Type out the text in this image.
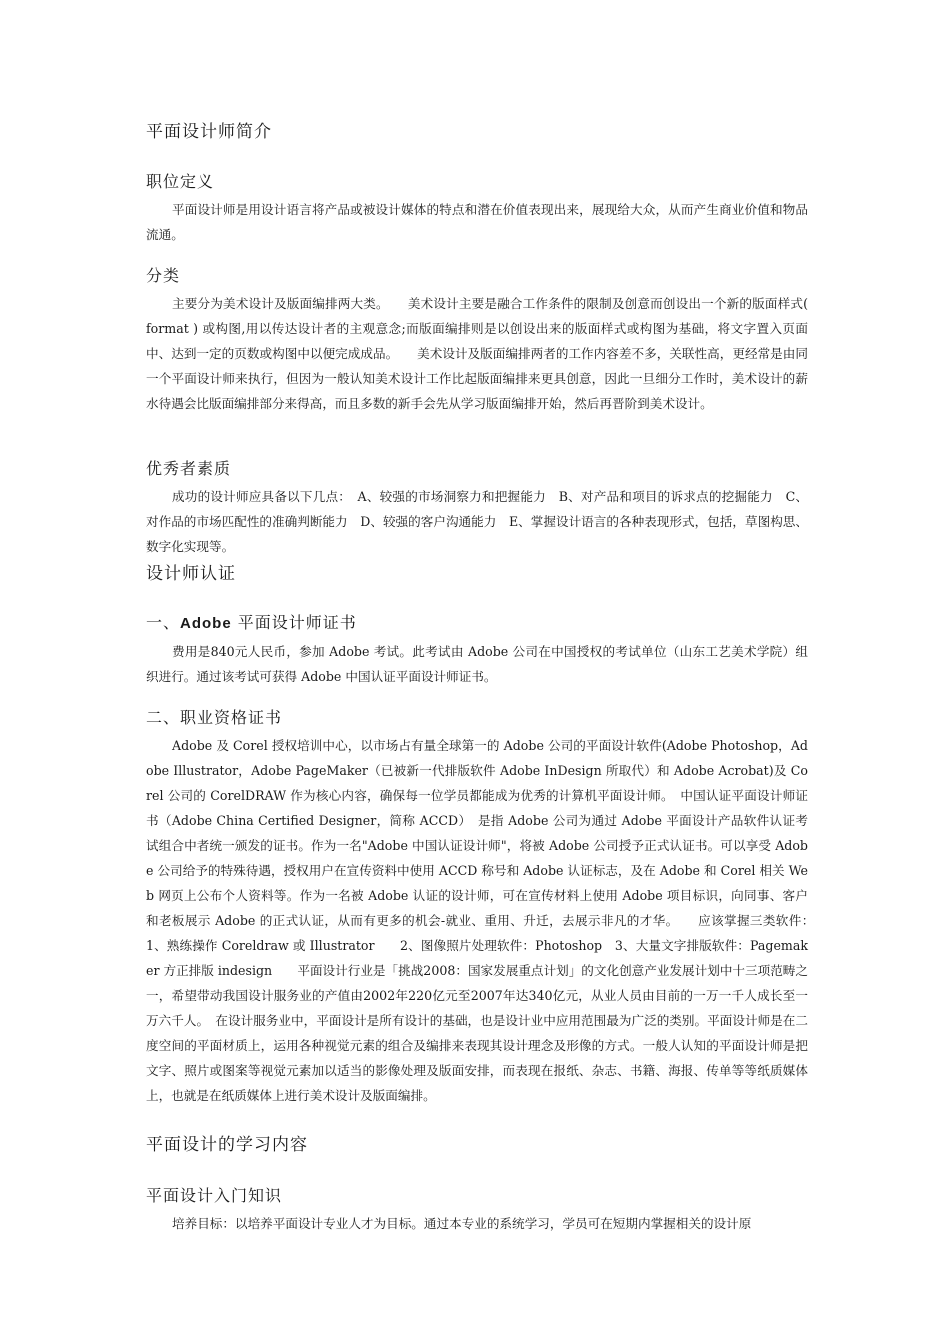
平面设计师简介
职位定义
平面设计师是用设计语言将产品或被设计媒体的特点和潜在价值表现出来，展现给大众，从而产生商业价值和物品流通。
分类
主要分为美术设计及版面编排两大类。　　美术设计主要是融合工作条件的限制及创意而创设出一个新的版面样式( format ) 或构图,用以传达设计者的主观意念;而版面编排则是以创设出来的版面样式或构图为基础，将文字置入页面中、达到一定的页数或构图中以便完成成品。　　美术设计及版面编排两者的工作内容差不多，关联性高，更经常是由同一个平面设计师来执行，但因为一般认知美术设计工作比起版面编排来更具创意，因此一旦细分工作时，美术设计的薪水待遇会比版面编排部分来得高，而且多数的新手会先从学习版面编排开始，然后再晋阶到美术设计。
优秀者素质
成功的设计师应具备以下几点：　A、较强的市场洞察力和把握能力　B、对产品和项目的诉求点的挖掘能力　C、对作品的市场匹配性的准确判断能力　D、较强的客户沟通能力　E、掌握设计语言的各种表现形式，包括，草图构思、数字化实现等。
设计师认证
一、Adobe 平面设计师证书
费用是840元人民币，参加 Adobe 考试。此考试由 Adobe 公司在中国授权的考试单位（山东工艺美术学院）组织进行。通过该考试可获得 Adobe 中国认证平面设计师证书。
二、职业资格证书
Adobe 及 Corel 授权培训中心，以市场占有量全球第一的 Adobe 公司的平面设计软件(Adobe Photoshop，Adobe Illustrator，Adobe PageMaker（已被新一代排版软件 Adobe InDesign 所取代）和 Adobe Acrobat)及 Corel 公司的 CorelDRAW 作为核心内容，确保每一位学员都能成为优秀的计算机平面设计师。　中国认证平面设计师证书（Adobe China Certified Designer，简称 ACCD）　是指 Adobe 公司为通过 Adobe 平面设计产品软件认证考试组合中者统一颁发的证书。作为一名"Adobe 中国认证设计师"，将被 Adobe 公司授予正式认证书。可以享受 Adobe 公司给予的特殊待遇，授权用户在宣传资料中使用 ACCD 称号和 Adobe 认证标志，及在 Adobe 和 Corel 相关 Web 网页上公布个人资料等。作为一名被 Adobe 认证的设计师，可在宣传材料上使用 Adobe 项目标识，向同事、客户和老板展示 Adobe 的正式认证，从而有更多的机会-就业、重用、升迁，去展示非凡的才华。　　应该掌握三类软件：　　1、熟练操作 Coreldraw 或 Illustrator　　2、图像照片处理软件：Photoshop　3、大量文字排版软件：Pagemaker 方正排版 indesign　　平面设计行业是「挑战2008：国家发展重点计划」的文化创意产业发展计划中十三项范畴之一，希望带动我国设计服务业的产值由2002年220亿元至2007年达340亿元，从业人员由目前的一万一千人成长至一万六千人。　在设计服务业中，平面设计是所有设计的基础，也是设计业中应用范围最为广泛的类别。平面设计师是在二度空间的平面材质上，运用各种视觉元素的组合及编排来表现其设计理念及形像的方式。一般人认知的平面设计师是把文字、照片或图案等视觉元素加以适当的影像处理及版面安排，而表现在报纸、杂志、书籍、海报、传单等等纸质媒体上，也就是在纸质媒体上进行美术设计及版面编排。
平面设计的学习内容
平面设计入门知识
培养目标：以培养平面设计专业人才为目标。通过本专业的系统学习，学员可在短期内掌握相关的设计原
